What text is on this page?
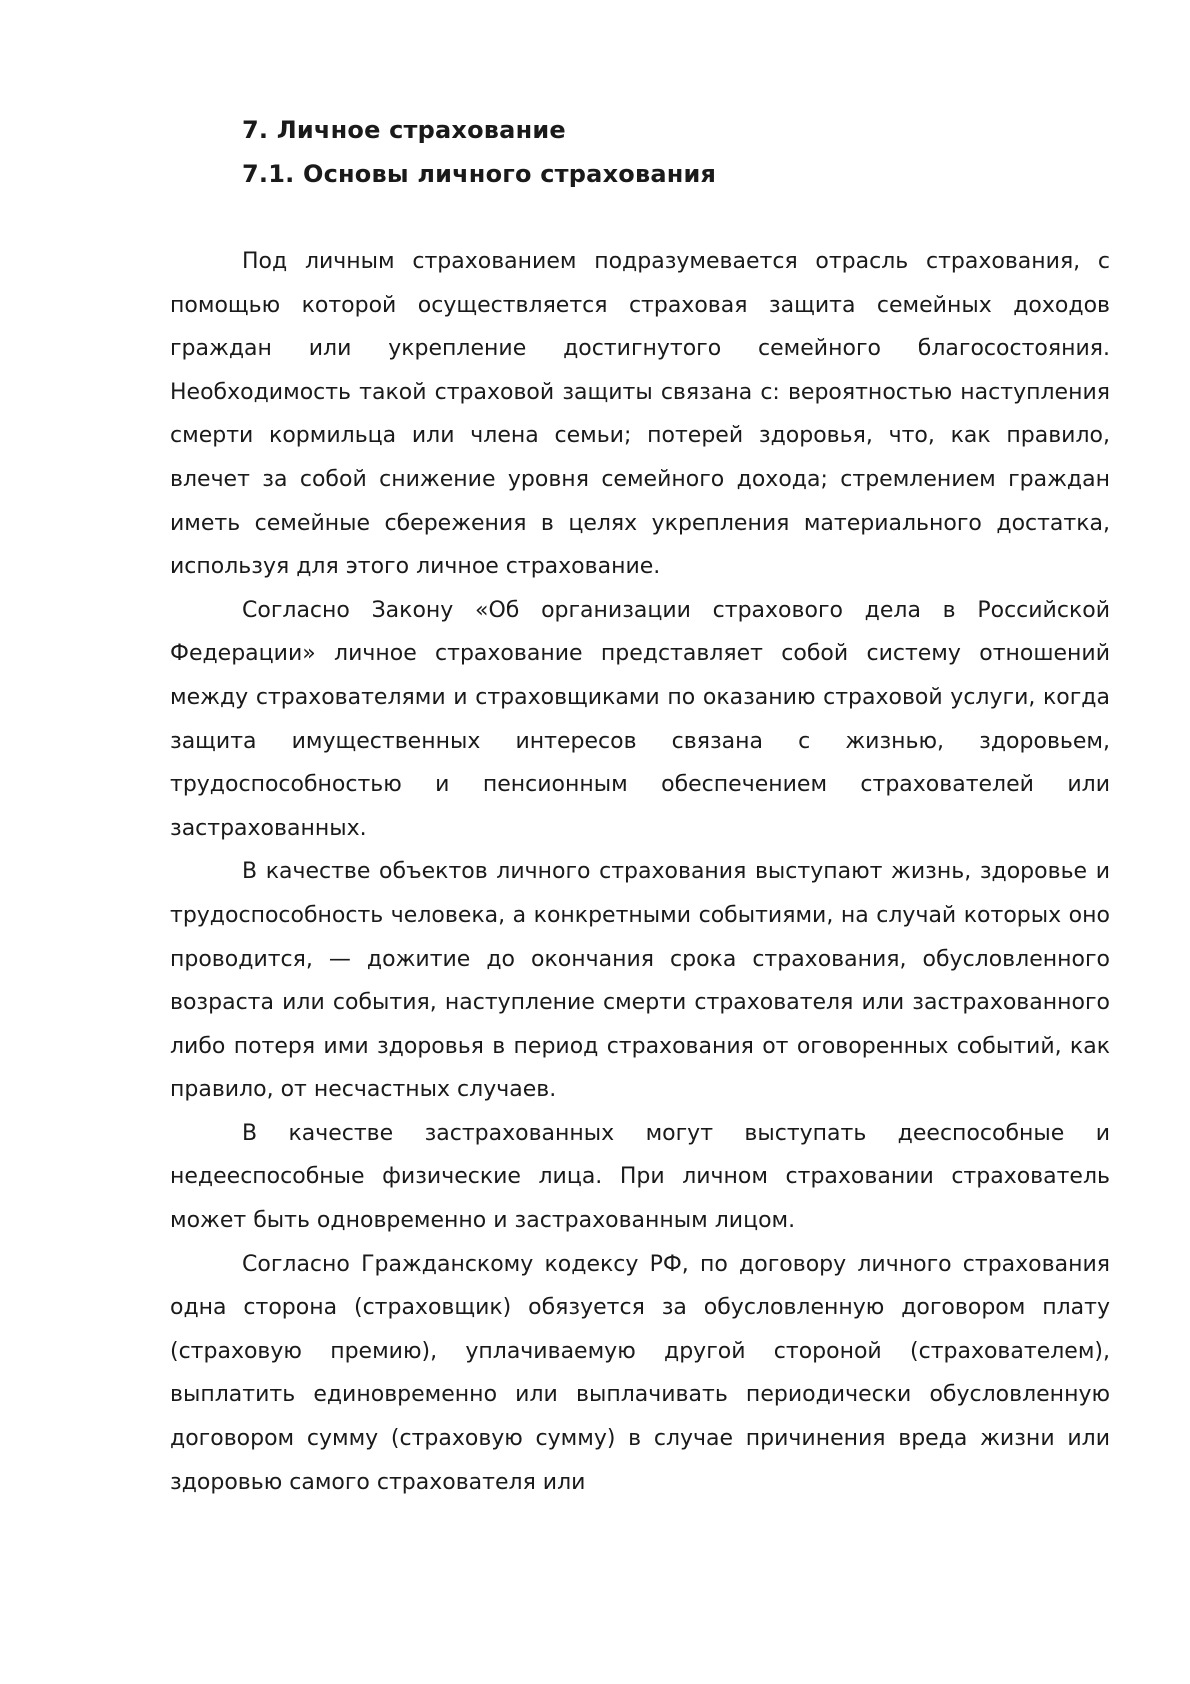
7. Личное страхование
7.1. Основы личного страхования

Под личным страхованием подразумевается отрасль страхования, с помощью которой осуществляется страховая защита семейных доходов граждан или укрепление достигнутого семейного благосостояния. Необходимость такой страховой защиты связана с: вероятностью наступления смерти кормильца или члена семьи; потерей здоровья, что, как правило, влечет за собой снижение уровня семейного дохода; стремлением граждан иметь семейные сбережения в целях укрепления материального достатка, используя для этого личное страхование.

Согласно Закону «Об организации страхового дела в Российской Федерации» личное страхование представляет собой систему отношений между страхователями и страховщиками по оказанию страховой услуги, когда защита имущественных интересов связана с жизнью, здоровьем, трудоспособностью и пенсионным обеспечением страхователей или застрахованных.

В качестве объектов личного страхования выступают жизнь, здоровье и трудоспособность человека, а конкретными событиями, на случай которых оно проводится, — дожитие до окончания срока страхования, обусловленного возраста или события, наступление смерти страхователя или застрахованного либо потеря ими здоровья в период страхования от оговоренных событий, как правило, от несчастных случаев.

В качестве застрахованных могут выступать дееспособные и недееспособные физические лица. При личном страховании страхователь может быть одновременно и застрахованным лицом.

Согласно Гражданскому кодексу РФ, по договору личного страхования одна сторона (страховщик) обязуется за обусловленную договором плату (страховую премию), уплачиваемую другой стороной (страхователем), выплатить единовременно или выплачивать периодически обусловленную договором сумму (страховую сумму) в случае причинения вреда жизни или здоровью самого страхователя или
